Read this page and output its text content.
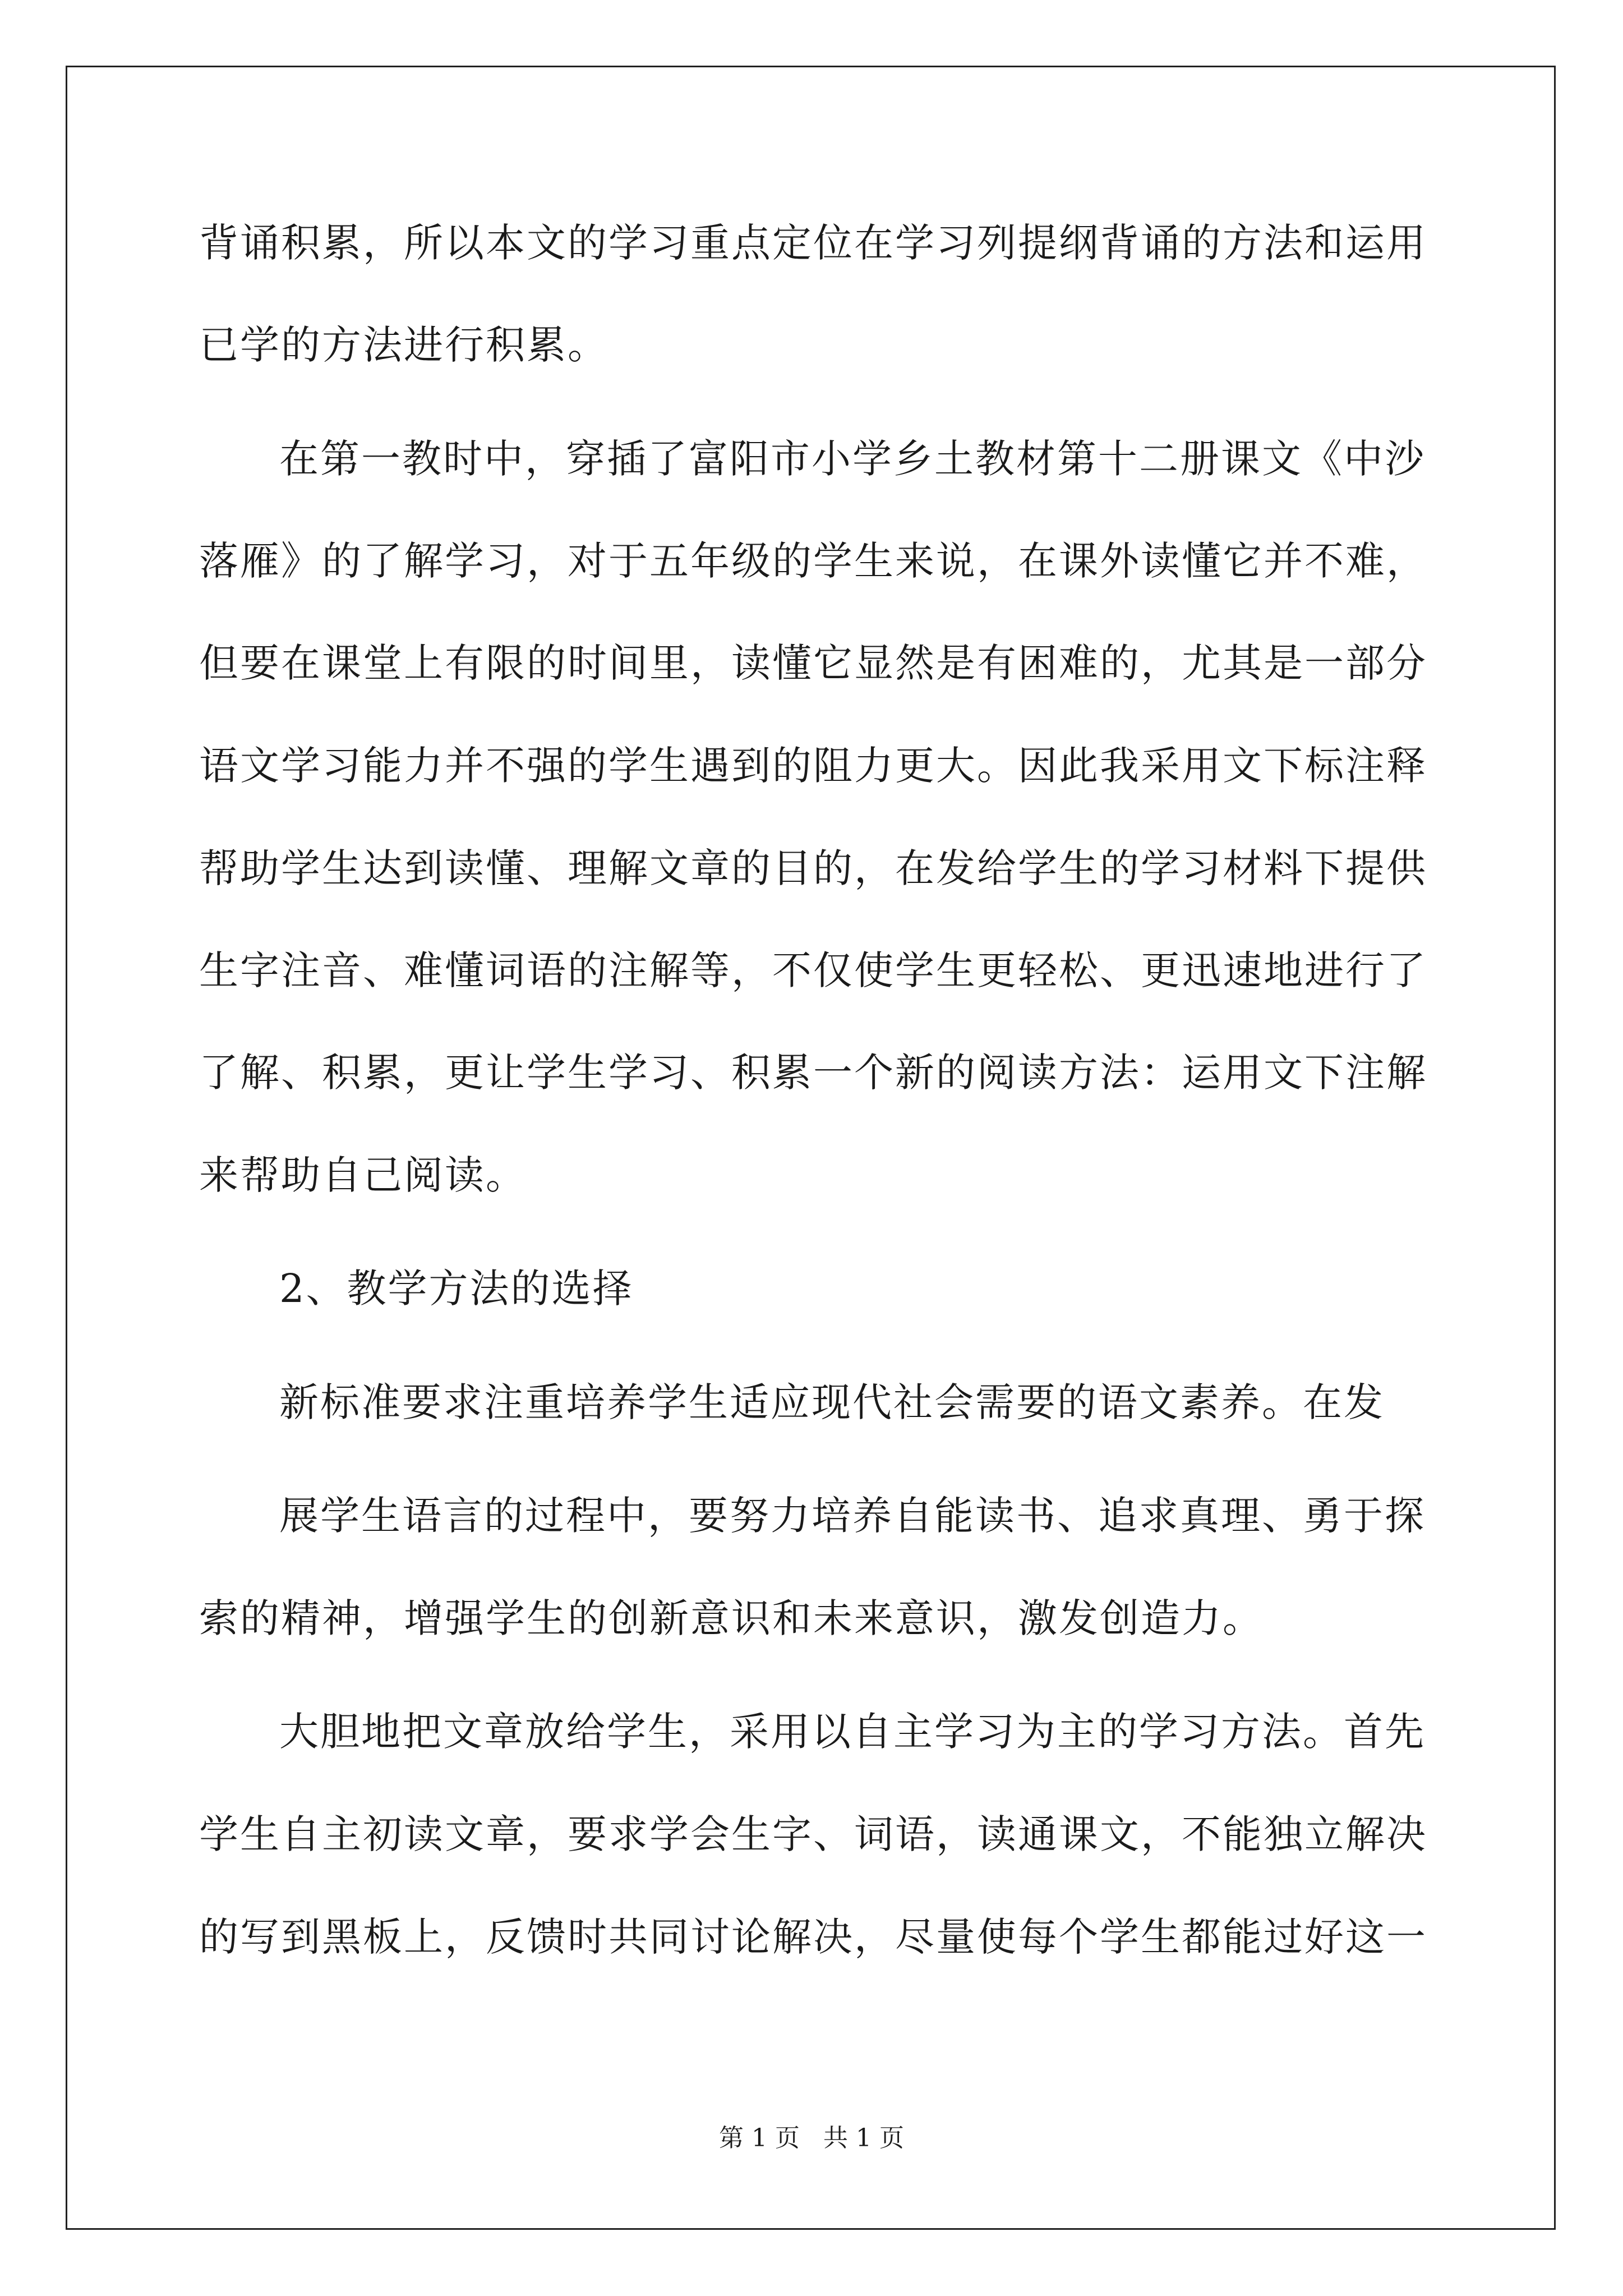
背诵积累，所以本文的学习重点定位在学习列提纲背诵的方法和运用
已学的方法进行积累。
在第一教时中，穿插了富阳市小学乡土教材第十二册课文《中沙
落雁》的了解学习，对于五年级的学生来说，在课外读懂它并不难，
但要在课堂上有限的时间里，读懂它显然是有困难的，尤其是一部分
语文学习能力并不强的学生遇到的阻力更大。因此我采用文下标注释
帮助学生达到读懂、理解文章的目的，在发给学生的学习材料下提供
生字注音、难懂词语的注解等，不仅使学生更轻松、更迅速地进行了
了解、积累，更让学生学习、积累一个新的阅读方法：运用文下注解
来帮助自己阅读。
2、教学方法的选择
新标准要求注重培养学生适应现代社会需要的语文素养。在发
展学生语言的过程中，要努力培养自能读书、追求真理、勇于探
索的精神，增强学生的创新意识和未来意识，激发创造力。
大胆地把文章放给学生，采用以自主学习为主的学习方法。首先
学生自主初读文章，要求学会生字、词语，读通课文，不能独立解决
的写到黑板上，反馈时共同讨论解决，尽量使每个学生都能过好这一
第 1 页   共 1 页
